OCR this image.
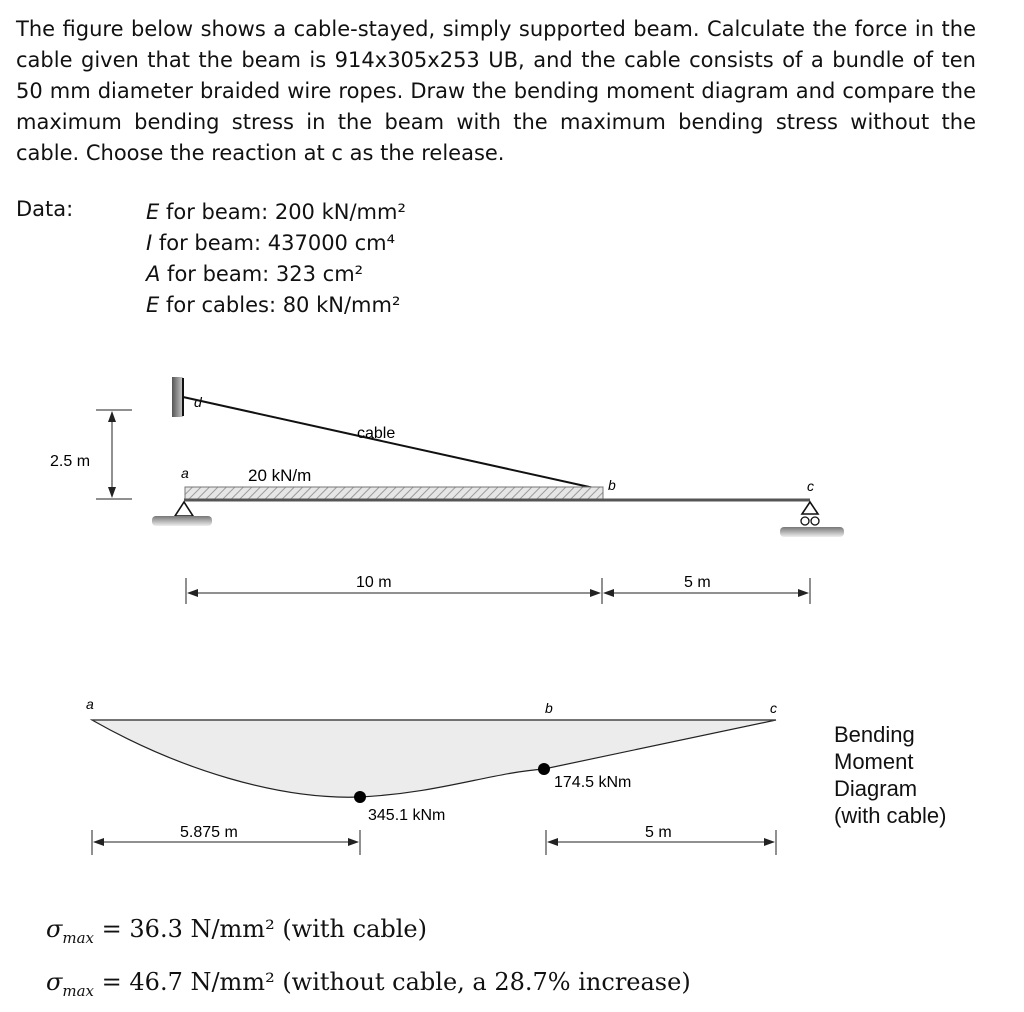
The figure below shows a cable-stayed, simply supported beam. Calculate the force in the cable given that the beam is 914x305x253 UB, and the cable consists of a bundle of ten 50 mm diameter braided wire ropes. Draw the bending moment diagram and compare the maximum bending stress in the beam with the maximum bending stress without the cable. Choose the reaction at c as the release.
Data:	E for beam: 200 kN/mm²
I for beam: 437000 cm⁴
A for beam: 323 cm²
E for cables: 80 kN/mm²
2.5 m
d
cable
20 kN/m
a
b	c
10 m	5 m
a	b	c
345.1 kNm
174.5 kNm
5.875 m	5 m
Bending
Moment
Diagram
(with cable)
$\sigma_{max} = 36.3$ N/mm² (with cable)
$\sigma_{max} = 46.7$ N/mm² (without cable, a 28.7% increase)
